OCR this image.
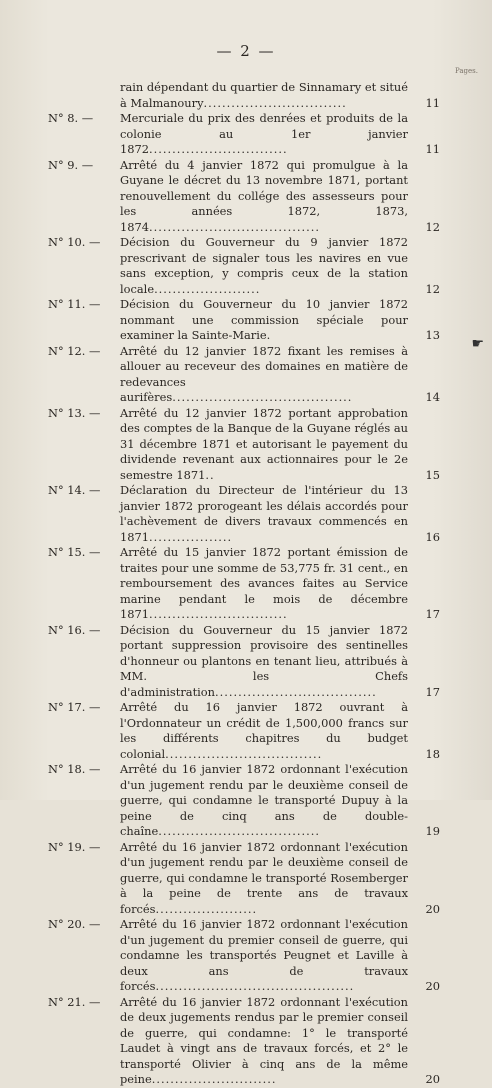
— 2 —
Pages.
rain dépendant du quartier de Sinnamary et situé à Malmanoury...............................	11
N° 8. —	Mercuriale du prix des denrées et produits de la colonie au 1er janvier 1872..............................	11
N° 9. —	Arrêté du 4 janvier 1872 qui promulgue à la Guyane le décret du 13 novembre 1871, portant renouvellement du collége des assesseurs pour les années 1872, 1873, 1874.....................................	12
N° 10. —	Décision du Gouverneur du 9 janvier 1872 prescrivant de signaler tous les navires en vue sans exception, y compris ceux de la station locale.......................	12
N° 11. —	Décision du Gouverneur du 10 janvier 1872 nommant une commission spéciale pour examiner la Sainte-Marie.	13
N° 12. —	Arrêté du 12 janvier 1872 fixant les remises à allouer au receveur des domaines en matière de redevances aurifères.......................................	14
N° 13. —	Arrêté du 12 janvier 1872 portant approbation des comptes de la Banque de la Guyane réglés au 31 décembre 1871 et autorisant le payement du dividende revenant aux actionnaires pour le 2e semestre 1871..	15
N° 14. —	Déclaration du Directeur de l'intérieur du 13 janvier 1872 prorogeant les délais accordés pour l'achèvement de divers travaux commencés en 1871..................	16
N° 15. —	Arrêté du 15 janvier 1872 portant émission de traites pour une somme de 53,775 fr. 31 cent., en remboursement des avances faites au Service marine pendant le mois de décembre 1871..............................	17
N° 16. —	Décision du Gouverneur du 15 janvier 1872 portant suppression provisoire des sentinelles d'honneur ou plantons en tenant lieu, attribués à MM. les Chefs d'administration...................................	17
N° 17. —	Arrêté du 16 janvier 1872 ouvrant à l'Ordonnateur un crédit de 1,500,000 francs sur les différents chapitres du budget colonial..................................	18
N° 18. —	Arrêté du 16 janvier 1872 ordonnant l'exécution d'un jugement rendu par le deuxième conseil de guerre, qui condamne le transporté Dupuy à la peine de cinq ans de double-chaîne...................................	19
N° 19. —	Arrêté du 16 janvier 1872 ordonnant l'exécution d'un jugement rendu par le deuxième conseil de guerre, qui condamne le transporté Rosemberger à la peine de trente ans de travaux forcés......................	20
N° 20. —	Arrêté du 16 janvier 1872 ordonnant l'exécution d'un jugement du premier conseil de guerre, qui condamne les transportés Peugnet et Laville à deux ans de travaux forcés...........................................	20
N° 21. —	Arrêté du 16 janvier 1872 ordonnant l'exécution de deux jugements rendus par le premier conseil de guerre, qui condamne: 1° le transporté Laudet à vingt ans de travaux forcés, et 2° le transporté Olivier à cinq ans de la même peine...........................	20
☛
